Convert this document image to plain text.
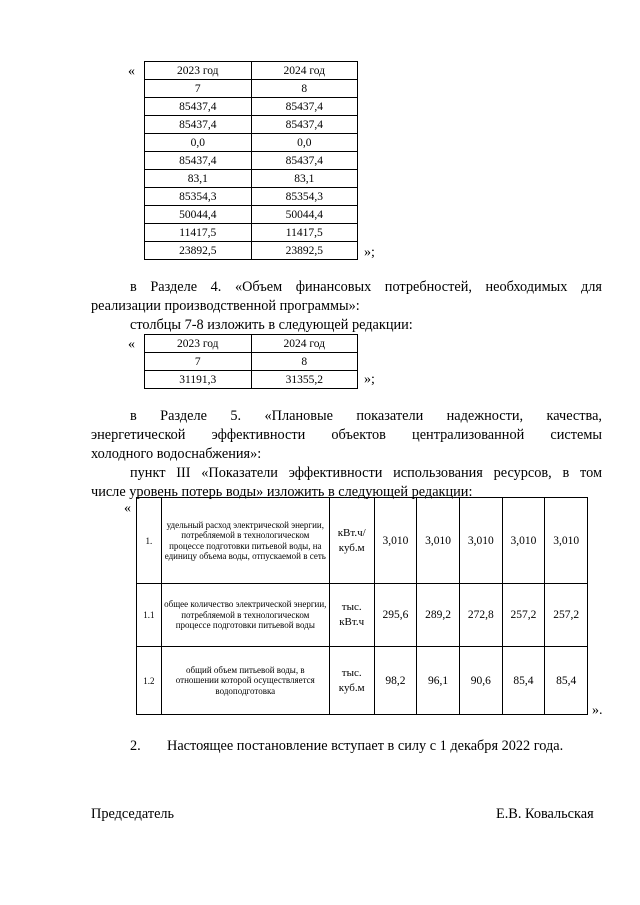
«	2023 год	2024 год
7	8
85437,4	85437,4
85437,4	85437,4
0,0	0,0
85437,4	85437,4
83,1	83,1
85354,3	85354,3
50044,4	50044,4
11417,5	11417,5
23892,5	23892,5	»;
в Разделе 4. «Объем финансовых потребностей, необходимых для
реализации производственной программы»:
столбцы 7-8 изложить в следующей редакции:
«	2023 год	2024 год
7	8
31191,3	31355,2	»;
в Разделе 5. «Плановые показатели надежности, качества,
энергетической эффективности объектов централизованной системы
холодного водоснабжения»:
пункт III «Показатели эффективности использования ресурсов, в том
числе уровень потерь воды» изложить в следующей редакции:
«
1.	удельный расход электрической энергии, потребляемой в технологическом процессе подготовки питьевой воды, на единицу объема воды, отпускаемой в сеть	кВт.ч/ куб.м	3,010	3,010	3,010	3,010	3,010
1.1	общее количество электрической энергии, потребляемой в технологическом процессе подготовки питьевой воды	тыс. кВт.ч	295,6	289,2	272,8	257,2	257,2
1.2	общий объем питьевой воды, в отношении которой осуществляется водоподготовка	тыс. куб.м	98,2	96,1	90,6	85,4	85,4
».
2. Настоящее постановление вступает в силу с 1 декабря 2022 года.
Председатель	Е.В. Ковальская
